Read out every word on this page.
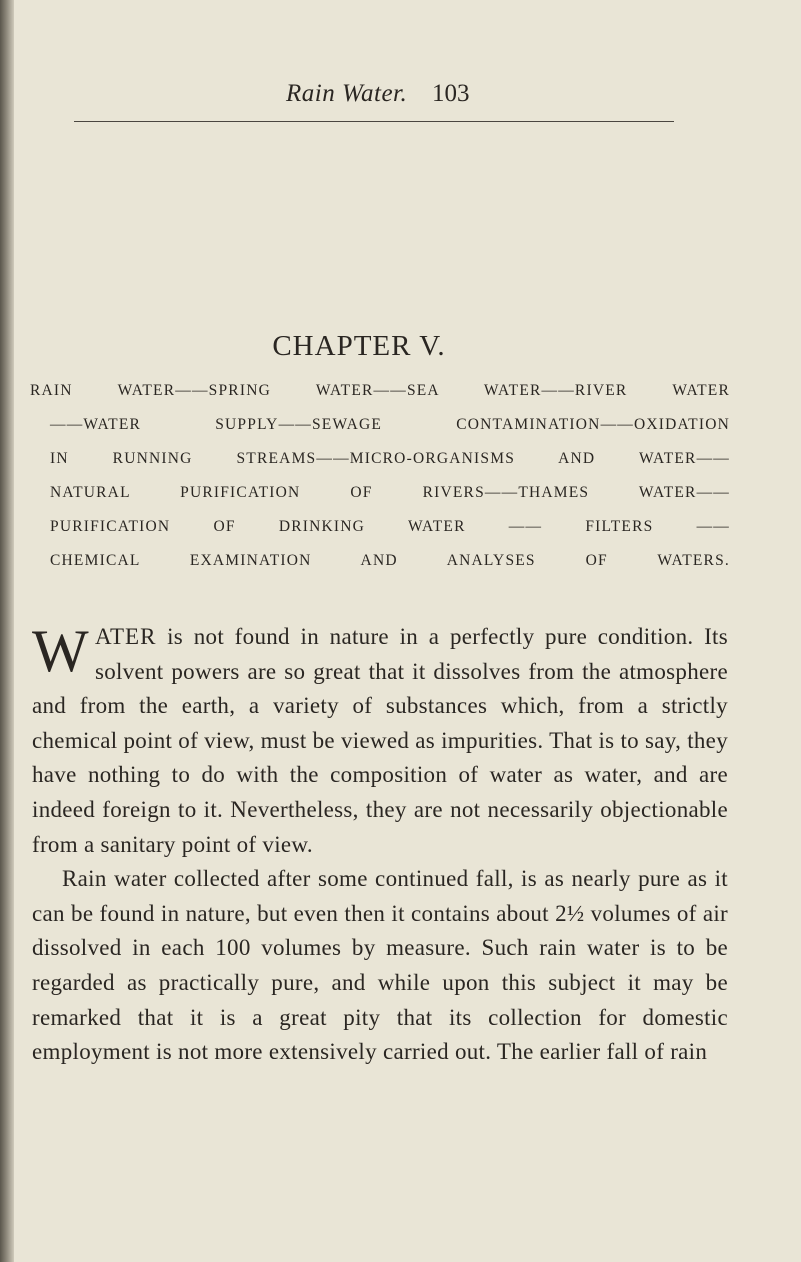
Rain Water. 103
CHAPTER V.
RAIN WATER——SPRING WATER——SEA WATER——RIVER WATER
——WATER SUPPLY——SEWAGE CONTAMINATION——OXIDATION
IN RUNNING STREAMS——MICRO-ORGANISMS AND WATER——
NATURAL PURIFICATION OF RIVERS——THAMES WATER——
PURIFICATION OF DRINKING WATER —— FILTERS ——
CHEMICAL EXAMINATION AND ANALYSES OF WATERS.
WATER is not found in nature in a perfectly pure condition. Its solvent powers are so great that it dissolves from the atmosphere and from the earth, a variety of substances which, from a strictly chemical point of view, must be viewed as impurities. That is to say, they have nothing to do with the composition of water as water, and are indeed foreign to it. Nevertheless, they are not necessarily objectionable from a sanitary point of view.
Rain water collected after some continued fall, is as nearly pure as it can be found in nature, but even then it contains about 2½ volumes of air dissolved in each 100 volumes by measure. Such rain water is to be regarded as practically pure, and while upon this subject it may be remarked that it is a great pity that its collection for domestic employment is not more extensively carried out. The earlier fall of rain
